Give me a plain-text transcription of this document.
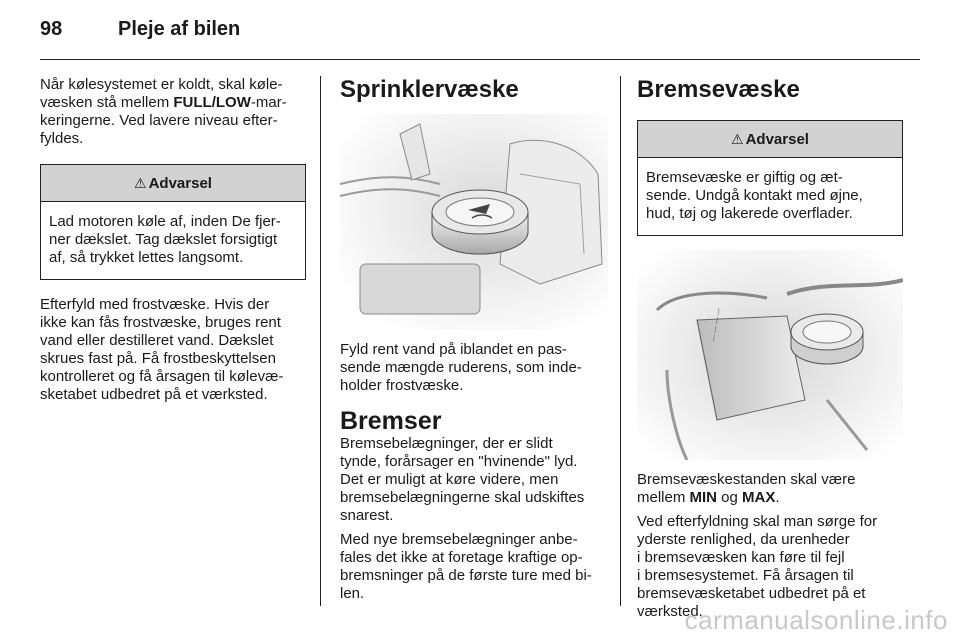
98	Pleje af bilen

Når kølesystemet er koldt, skal køle-
væsken stå mellem FULL/LOW-mar-
keringerne. Ved lavere niveau efter-
fyldes.

⚠ Advarsel
Lad motoren køle af, inden De fjer-
ner dækslet. Tag dækslet forsigtigt
af, så trykket lettes langsomt.

Efterfyld med frostvæske. Hvis der
ikke kan fås frostvæske, bruges rent
vand eller destilleret vand. Dækslet
skrues fast på. Få frostbeskyttelsen
kontrolleret og få årsagen til kølevæ-
sketabet udbedret på et værksted.

Sprinklervæske

Fyld rent vand på iblandet en pas-
sende mængde ruderens, som inde-
holder frostvæske.

Bremser

Bremsebelægninger, der er slidt
tynde, forårsager en "hvinende" lyd.
Det er muligt at køre videre, men
bremsebelægningerne skal udskiftes
snarest.

Med nye bremsebelægninger anbe-
fales det ikke at foretage kraftige op-
bremsninger på de første ture med bi-
len.

Bremsevæske
⚠ Advarsel
Bremsevæske er giftig og æt-
sende. Undgå kontakt med øjne,
hud, tøj og lakerede overflader.
— — — —

Bremsevæskestanden skal være
mellem MIN og MAX.

Ved efterfyldning skal man sørge for
yderste renlighed, da urenheder
i bremsevæsken kan føre til fejl
i bremsesystemet. Få årsagen til
bremsevæsketabet udbedret på et
værksted.

carmanualsonline.info
